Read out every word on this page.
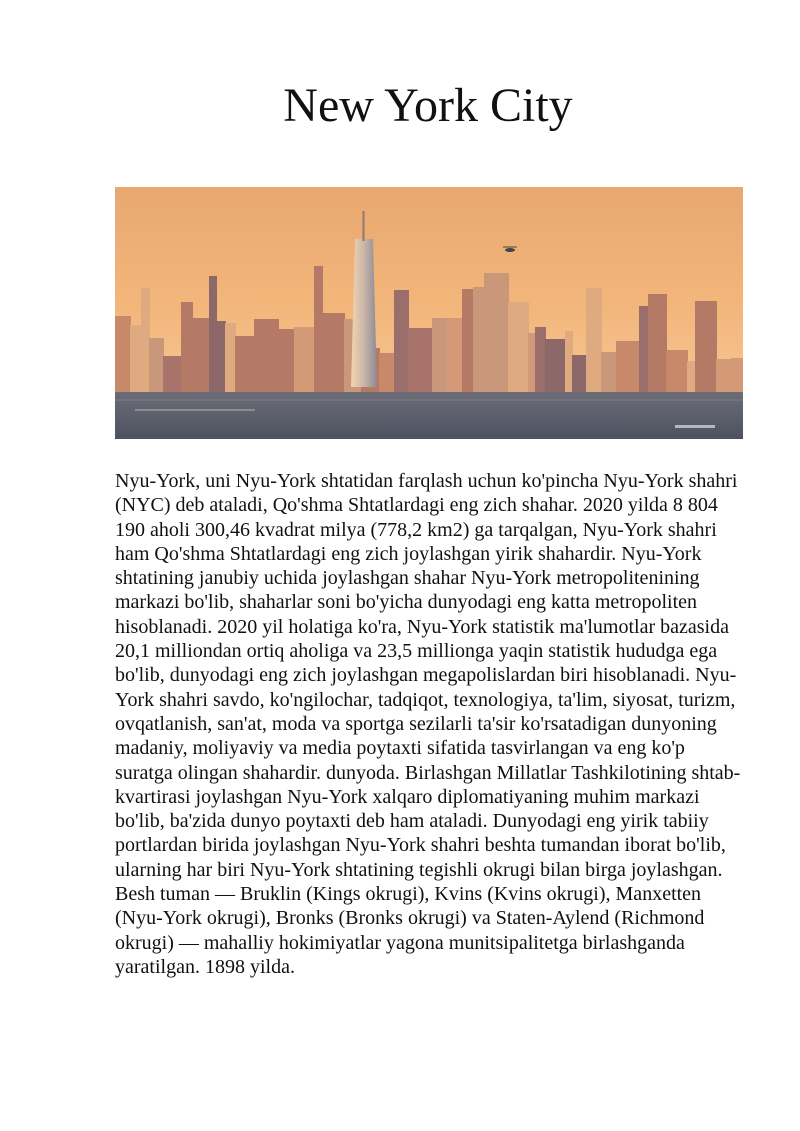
New York City

Nyu-York, uni Nyu-York shtatidan farqlash uchun ko'pincha Nyu-York shahri (NYC) deb ataladi, Qo'shma Shtatlardagi eng zich shahar. 2020 yilda 8 804 190 aholi 300,46 kvadrat milya (778,2 km2) ga tarqalgan, Nyu-York shahri ham Qo'shma Shtatlardagi eng zich joylashgan yirik shahardir. Nyu-York shtatining janubiy uchida joylashgan shahar Nyu-York metropolitenining markazi bo'lib, shaharlar soni bo'yicha dunyodagi eng katta metropoliten hisoblanadi. 2020 yil holatiga ko'ra, Nyu-York statistik ma'lumotlar bazasida 20,1 milliondan ortiq aholiga va 23,5 millionga yaqin statistik hududga ega bo'lib, dunyodagi eng zich joylashgan megapolislardan biri hisoblanadi. Nyu-York shahri savdo, ko'ngilochar, tadqiqot, texnologiya, ta'lim, siyosat, turizm, ovqatlanish, san'at, moda va sportga sezilarli ta'sir ko'rsatadigan dunyoning madaniy, moliyaviy va media poytaxti sifatida tasvirlangan va eng ko'p suratga olingan shahardir. dunyoda. Birlashgan Millatlar Tashkilotining shtab-kvartirasi joylashgan Nyu-York xalqaro diplomatiyaning muhim markazi bo'lib, ba'zida dunyo poytaxti deb ham ataladi. Dunyodagi eng yirik tabiiy portlardan birida joylashgan Nyu-York shahri beshta tumandan iborat bo'lib, ularning har biri Nyu-York shtatining tegishli okrugi bilan birga joylashgan. Besh tuman — Bruklin (Kings okrugi), Kvins (Kvins okrugi), Manxetten (Nyu-York okrugi), Bronks (Bronks okrugi) va Staten-Aylend (Richmond okrugi) — mahalliy hokimiyatlar yagona munitsipalitetga birlashganda yaratilgan. 1898 yilda.
